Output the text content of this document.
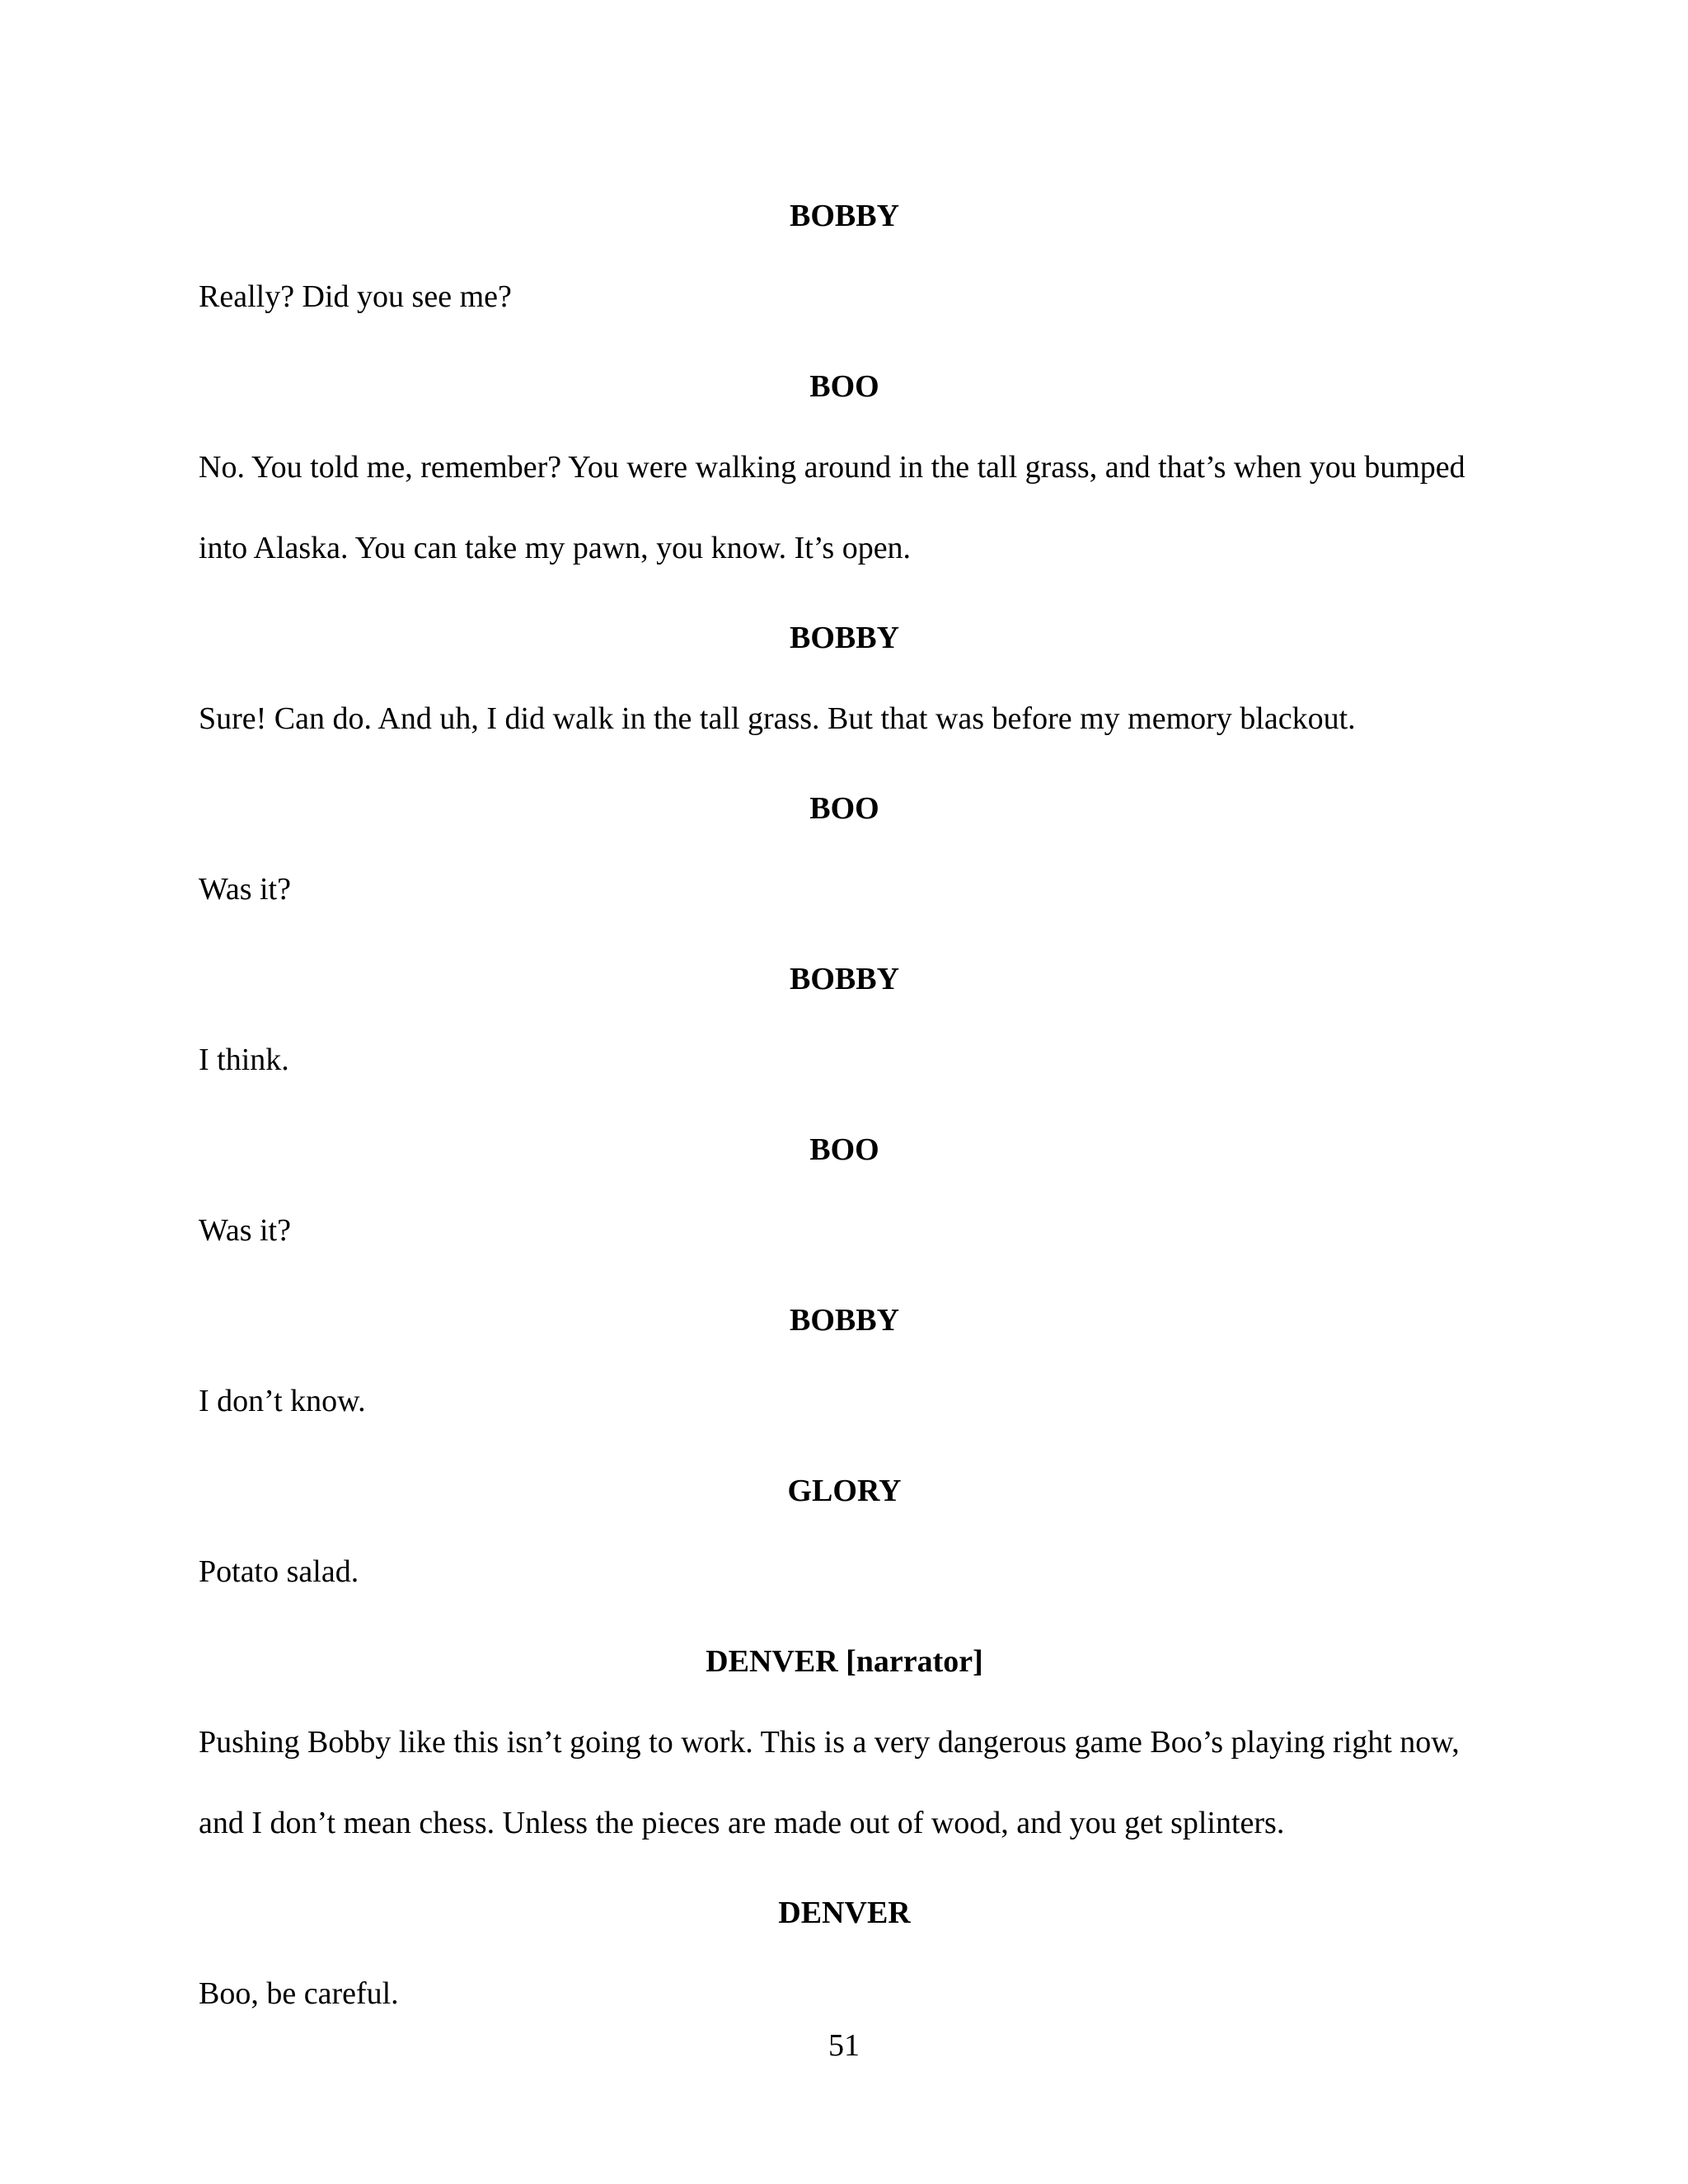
BOBBY
Really? Did you see me?
BOO
No. You told me, remember? You were walking around in the tall grass, and that’s when you bumped into Alaska. You can take my pawn, you know. It’s open.
BOBBY
Sure! Can do. And uh, I did walk in the tall grass. But that was before my memory blackout.
BOO
Was it?
BOBBY
I think.
BOO
Was it?
BOBBY
I don’t know.
GLORY
Potato salad.
DENVER [narrator]
Pushing Bobby like this isn’t going to work. This is a very dangerous game Boo’s playing right now, and I don’t mean chess. Unless the pieces are made out of wood, and you get splinters.
DENVER
Boo, be careful.
51
